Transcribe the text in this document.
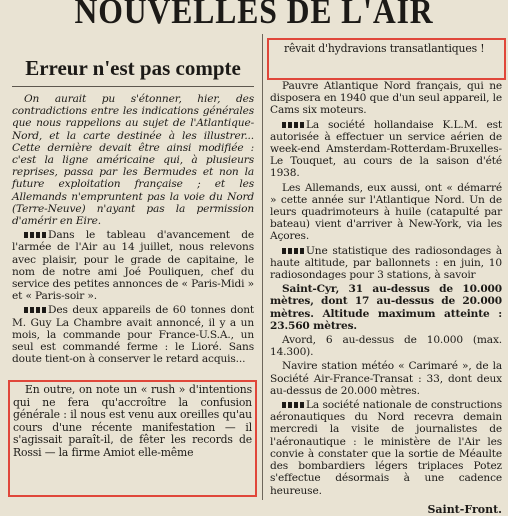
NOUVELLES DE L'AIR
Erreur n'est pas compte

On aurait pu s'étonner, hier, des contradictions entre les indications générales que nous rappelions au sujet de l'Atlantique-Nord, et la carte destinée à les illustrer... Cette dernière devait être ainsi modifiée : c'est la ligne américaine qui, à plusieurs reprises, passa par les Bermudes et non la future exploitation française ; et les Allemands n'empruntent pas la voie du Nord (Terre-Neuve) n'ayant pas la permission d'amérir en Eire.

Dans le tableau d'avancement de l'armée de l'Air au 14 juillet, nous relevons avec plaisir, pour le grade de capitaine, le nom de notre ami Joé Pouliquen, chef du service des petites annonces de « Paris-Midi » et « Paris-soir ».

Des deux appareils de 60 tonnes dont M. Guy La Chambre avait annoncé, il y a un mois, la commande pour France-U.S.A., un seul est commandé ferme : le Lioré. Sans doute tient-on à conserver le retard acquis...

En outre, on note un « rush » d'intentions qui ne fera qu'accroître la confusion générale : il nous est venu aux oreilles qu'au cours d'une récente manifestation — il s'agissait paraît-il, de fêter les records de Rossi — la firme Amiot elle-même

rêvait d'hydravions transatlantiques !

Pauvre Atlantique Nord français, qui ne disposera en 1940 que d'un seul appareil, le Cams six moteurs.

La société hollandaise K.L.M. est autorisée à effectuer un service aérien de week-end Amsterdam-Rotterdam-Bruxelles-Le Touquet, au cours de la saison d'été 1938.

Les Allemands, eux aussi, ont « démarré » cette année sur l'Atlantique Nord. Un de leurs quadrimoteurs à huile (catapulté par bateau) vient d'arriver à New-York, via les Açores.

Une statistique des radiosondages à haute altitude, par ballonnets : en juin, 10 radiosondages pour 3 stations, à savoir

Saint-Cyr, 31 au-dessus de 10.000 mètres, dont 17 au-dessus de 20.000 mètres. Altitude maximum atteinte : 23.560 mètres.

Avord, 6 au-dessus de 10.000 (max. 14.300).

Navire station météo « Carimaré », de la Société Air-France-Transat : 33, dont deux au-dessus de 20.000 mètres.

La société nationale de constructions aéronautiques du Nord recevra demain mercredi la visite de journalistes de l'aéronautique : le ministère de l'Air les convie à constater que la sortie de Méaulte des bombardiers légers triplaces Potez s'effectue désormais à une cadence heureuse.

Saint-Front.
